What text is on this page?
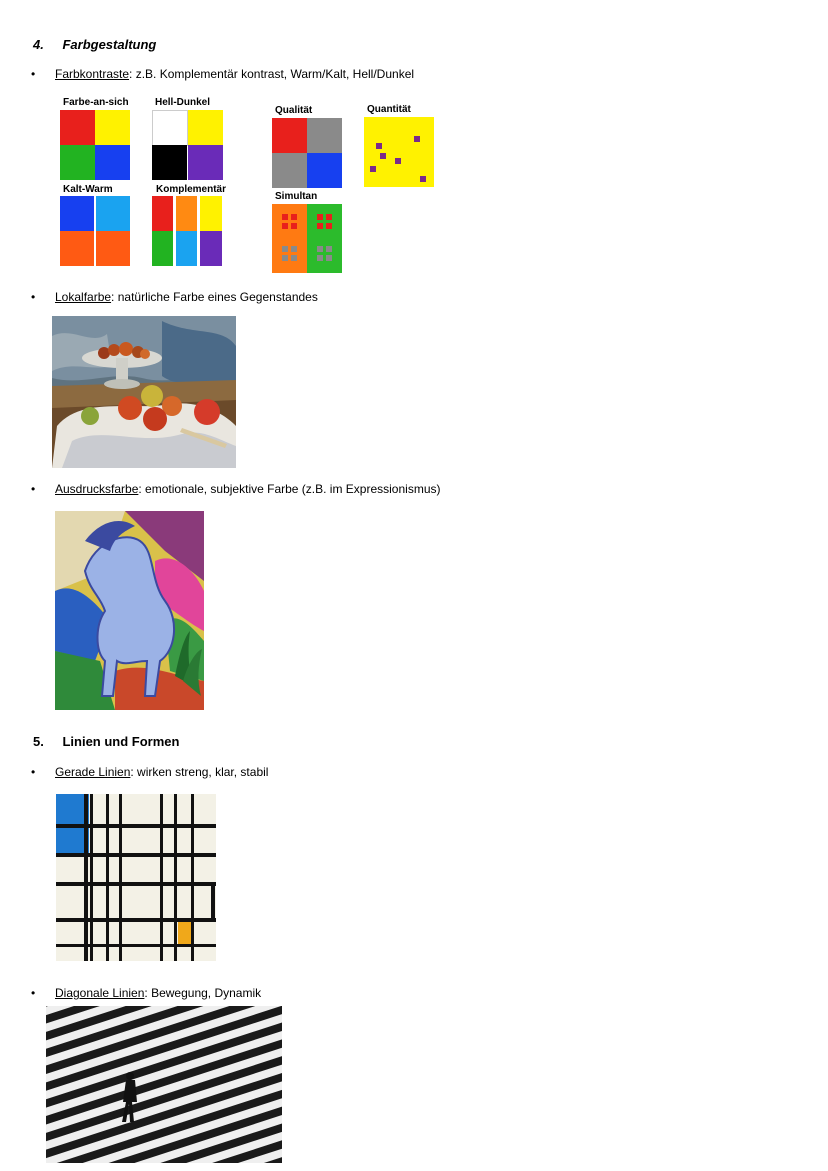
4. Farbgestaltung
• Farbkontraste: z.B. Komplementär kontrast, Warm/Kalt, Hell/Dunkel
Farbe-an-sich	Hell-Dunkel
Kalt-Warm	Komplementär
Qualität	Quantität
Simultan
• Lokalfarbe: natürliche Farbe eines Gegenstandes
• Ausdrucksfarbe: emotionale, subjektive Farbe (z.B. im Expressionismus)
5. Linien und Formen
• Gerade Linien: wirken streng, klar, stabil
• Diagonale Linien: Bewegung, Dynamik
